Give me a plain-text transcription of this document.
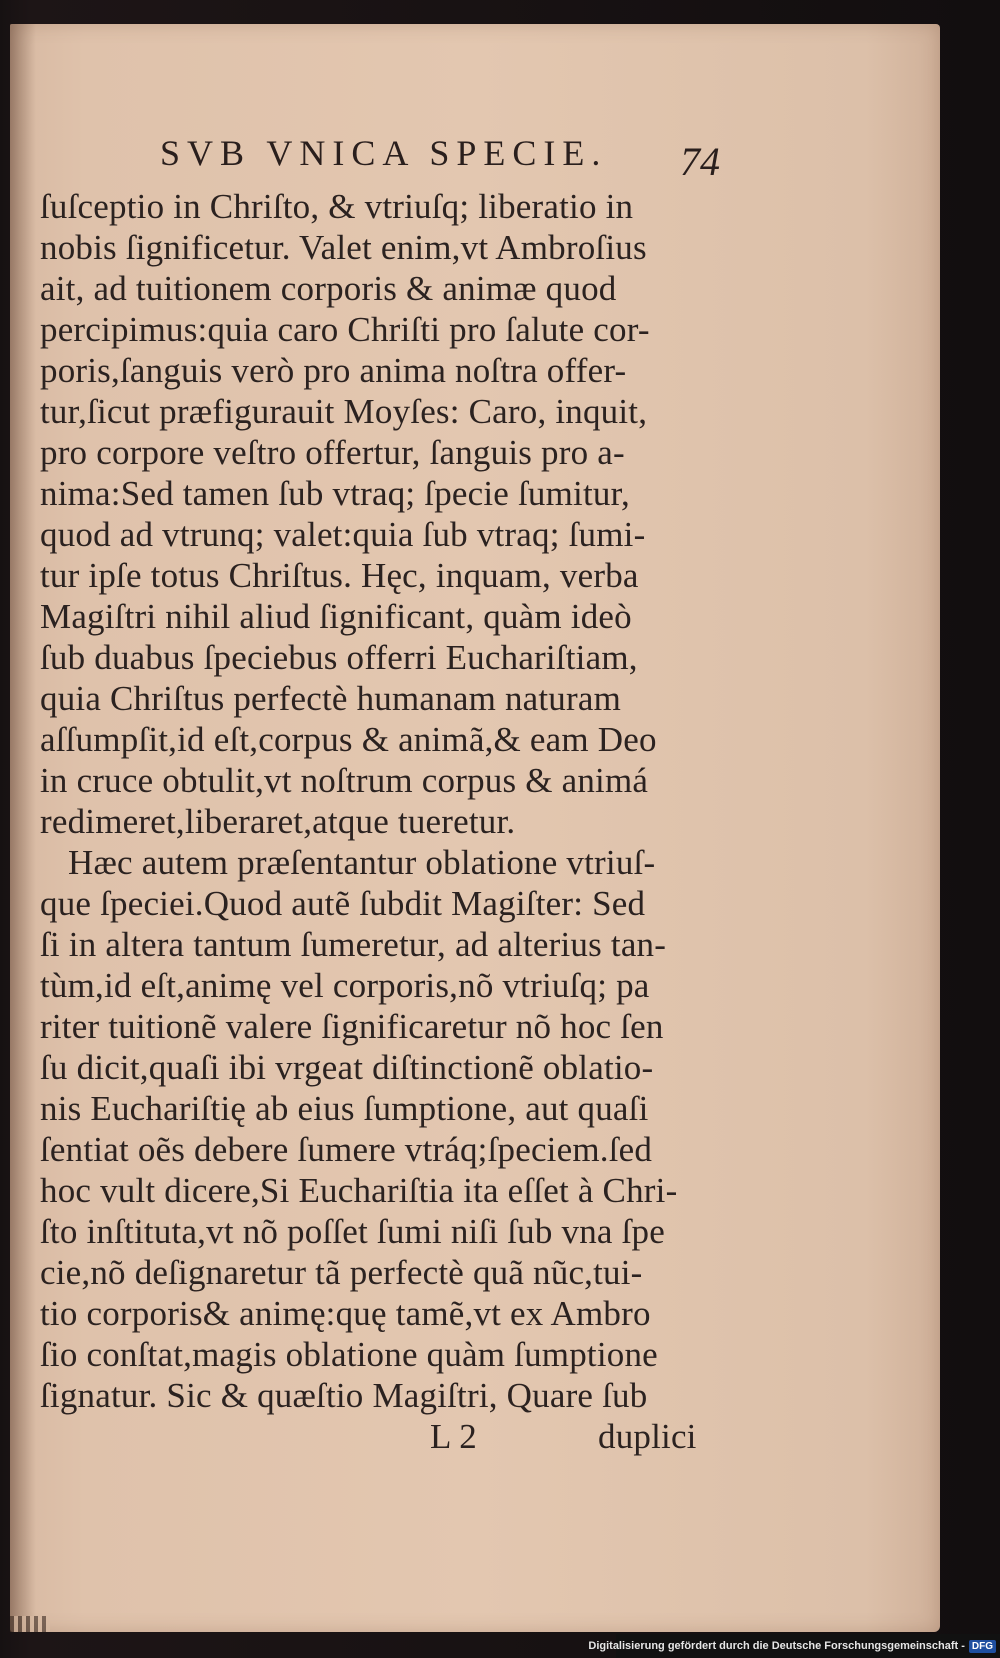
SVB VNICA SPECIE. 74
ſuſceptio in Chriſto, & vtriuſq; liberatio in
nobis ſignificetur. Valet enim,vt Ambroſius
ait, ad tuitionem corporis & animæ quod
percipimus:quia caro Chriſti pro ſalute cor-
poris,ſanguis verò pro anima noſtra offer-
tur,ſicut præfigurauit Moyſes: Caro, inquit,
pro corpore veſtro offertur, ſanguis pro a-
nima:Sed tamen ſub vtraq; ſpecie ſumitur,
quod ad vtrunq; valet:quia ſub vtraq; ſumi-
tur ipſe totus Chriſtus. Hęc, inquam, verba
Magiſtri nihil aliud ſignificant, quàm ideò
ſub duabus ſpeciebus offerri Euchariſtiam,
quia Chriſtus perfectè humanam naturam
aſſumpſit,id eſt,corpus & animã,& eam Deo
in cruce obtulit,vt noſtrum corpus & animá
redimeret,liberaret,atque tueretur.
Hæc autem præſentantur oblatione vtriuſ-
que ſpeciei.Quod autẽ ſubdit Magiſter: Sed
ſi in altera tantum ſumeretur, ad alterius tan-
tùm,id eſt,animę vel corporis,nõ vtriuſq; pa
riter tuitionẽ valere ſignificaretur nõ hoc ſen
ſu dicit,quaſi ibi vrgeat diſtinctionẽ oblatio-
nis Euchariſtię ab eius ſumptione, aut quaſi
ſentiat oẽs debere ſumere vtráq;ſpeciem.ſed
hoc vult dicere,Si Euchariſtia ita eſſet à Chri-
ſto inſtituta,vt nõ poſſet ſumi niſi ſub vna ſpe
cie,nõ deſignaretur tã perfectè quã nũc,tui-
tio corporis& animę:quę tamẽ,vt ex Ambro
ſio conſtat,magis oblatione quàm ſumptione
ſignatur. Sic & quæſtio Magiſtri, Quare ſub
L 2	duplici
Digitalisierung gefördert durch die Deutsche Forschungsgemeinschaft - DFG
